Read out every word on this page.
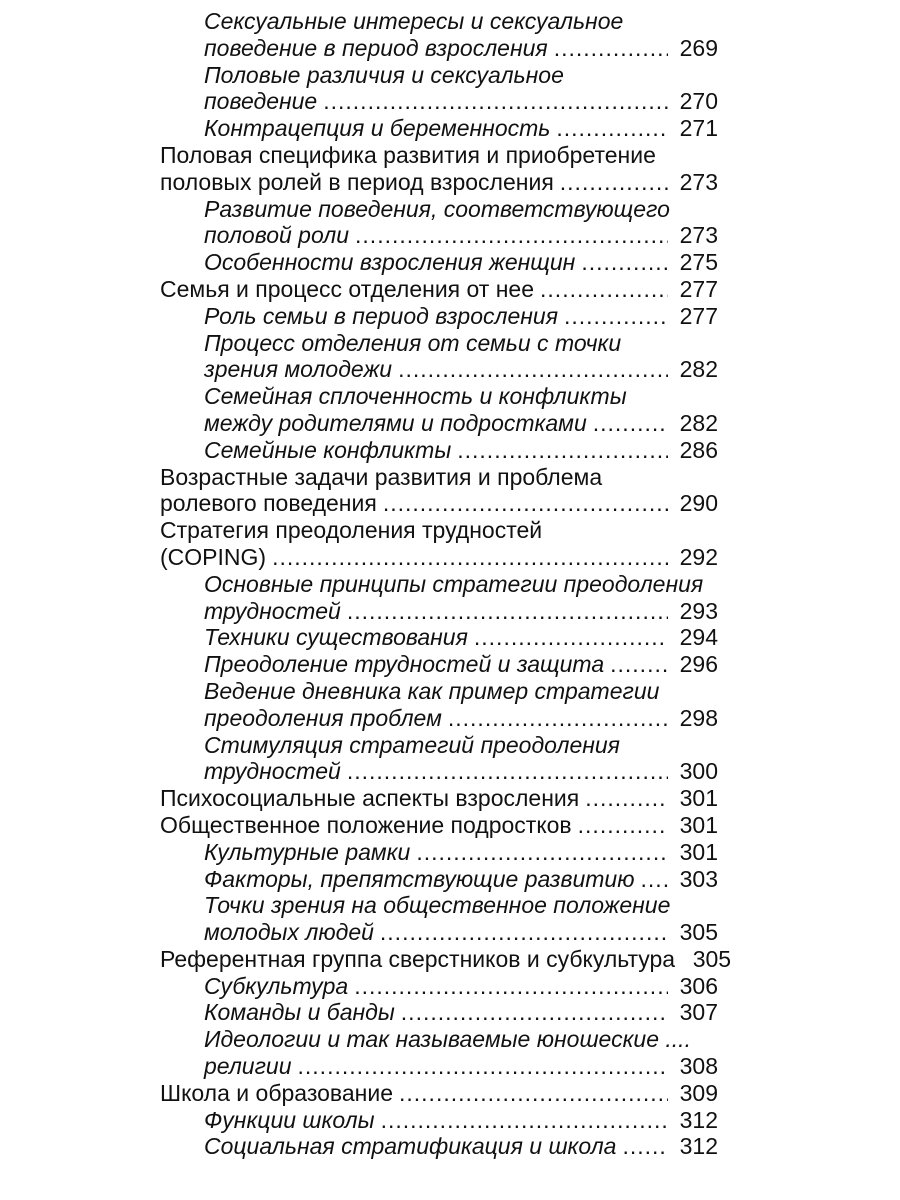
Сексуальные интересы и сексуальное
поведение в период взросления .....	269

Половые различия и сексуальное
поведение .....	270

Контрацепция и беременность .....	271

Половая специфика развития и приобретение
половых ролей в период взросления .....	273

Развитие поведения, соответствующего
половой роли .....	273

Особенности взросления женщин .....	275

Семья и процесс отделения от нее .....	277

Роль семьи в период взросления .....	277

Процесс отделения от семьи с точки
зрения молодежи .....	282

Семейная сплоченность и конфликты
между родителями и подростками .....	282

Семейные конфликты .....	286

Возрастные задачи развития и проблема
ролевого поведения .....	290

Стратегия преодоления трудностей
(COPING) .....	292

Основные принципы стратегии преодоления
трудностей .....	293

Техники существования .....	294

Преодоление трудностей и защита .....	296

Ведение дневника как пример стратегии
преодоления проблем .....	298

Стимуляция стратегий преодоления
трудностей .....	300

Психосоциальные аспекты взросления .....	301

Общественное положение подростков .....	301

Культурные рамки .....	301

Факторы, препятствующие развитию ..... 303

Точки зрения на общественное положение
молодых людей .....	305

Референтная группа сверстников и субкультура 305

Субкультура .....	306

Команды и банды .....	307

Идеологии и так называемые юношеские ....
религии .....	308

Школа и образование .....	309

Функции школы .....	312

Социальная стратификация и школа .....	312
